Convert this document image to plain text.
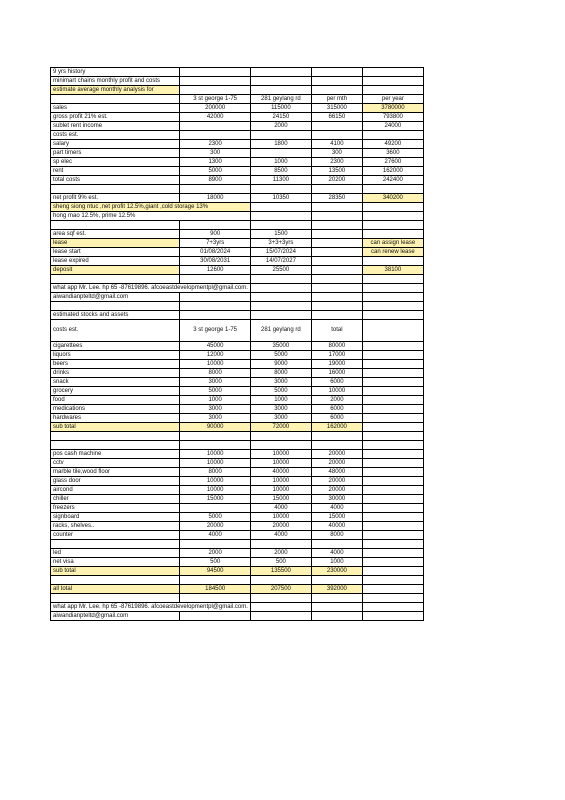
9 yrs history				
minimart chains monthly profit and costs				
estimate average monthly analysis for				
	3 st george 1-75	281 geylang rd	per mth	per year
sales	200000	115000	315000	3780000
gross profit 21% est.	42000	24150	66150	793800
sublet rent income		2000		24000
costs est.				
salary	2300	1800	4100	49200
part timers	300		300	3600
sp elec	1300	1000	2300	27600
rent	5000	8500	13500	162000
total costs	8900	11300	20200	242400

net profit 9% est.	18000	10350	28350	340200
sheng siong ntuc ,net profit 12.5%,giant ,cold storage 13%				
hong mao 12.5%, prime 12.5%				

area sqf est.	900	1500		
lease	7+3yrs	3+3+3yrs		can assign lease
lease start	01/08/2024	15/07/2024		can renew lease
lease expired	30/08/2031	14/07/2027		
deposit	12600	25500		38100

what app Mr. Lee. hp 65 -87619896. afcoeastdevelopmentpl@gmail.com.				
aiwandianpteltd@gmail.com				

estimated stocks and assets				
costs est.	3 st george 1-75	281 geylang rd	total	
cigarettees	45000	35000	80000	
liquors	12000	5000	17000	
beers	10000	9000	19000	
drinks	8000	8000	16000	
snack	3000	3000	6000	
grocery	5000	5000	10000	
food	1000	1000	2000	
medications	3000	3000	6000	
hardwares	3000	3000	6000	
sub total	90000	72000	162000	

pos cash machine	10000	10000	20000	
cctv	10000	10000	20000	
marble tile,wood floor	8000	40000	48000	
glass door	10000	10000	20000	
aircond	10000	10000	20000	
chiller	15000	15000	30000	
freezers		4000	4000	
signboard	5000	10000	15000	
racks, shelves..	20000	20000	40000	
counter	4000	4000	8000	

led	2000	2000	4000	
net visa	500	500	1000	
sub total	94500	135500	230000	

all total	184500	207500	392000	

what app Mr. Lee. hp 65 -87619896. afcoeastdevelopmentpl@gmail.com.				
aiwandianpteltd@gmail.com				
